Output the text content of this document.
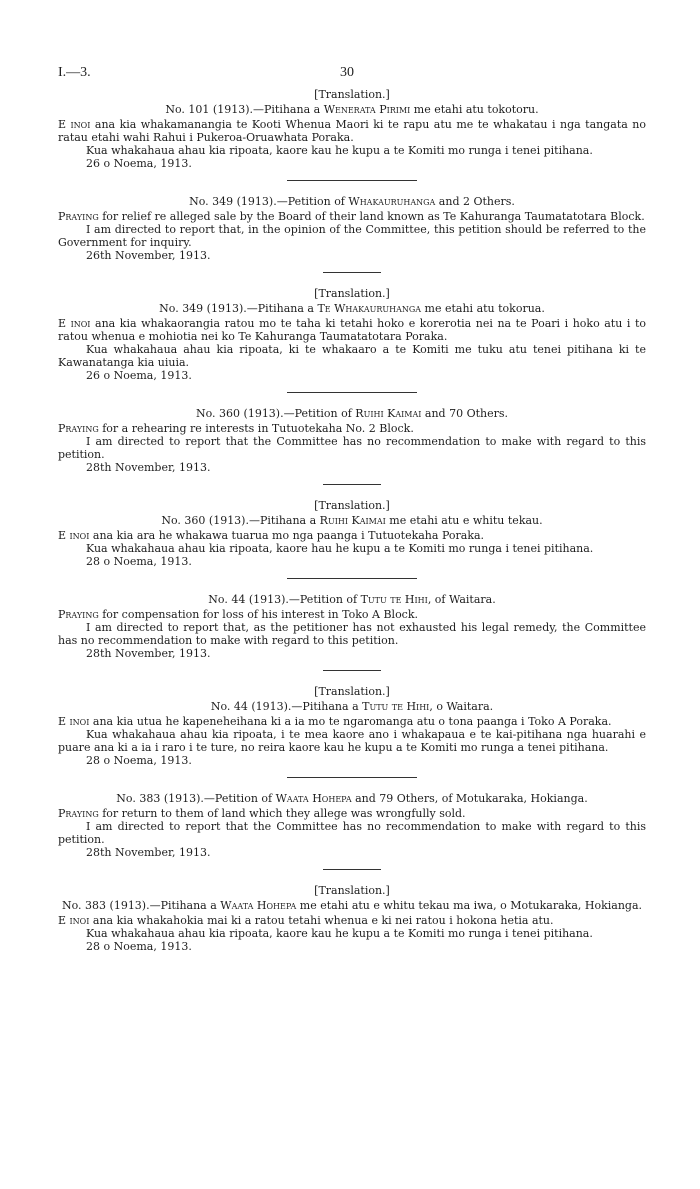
I.—3.	30

[Translation.]

No. 101 (1913).—Pitihana a Wenerata Pirimi me etahi atu tokotoru.

E inoi ana kia whakamanangia te Kooti Whenua Maori ki te rapu atu me te whakatau i nga tangata no ratau etahi wahi Rahui i Pukeroa-Oruawhata Poraka.

Kua whakahaua ahau kia ripoata, kaore kau he kupu a te Komiti mo runga i tenei pitihana.

26 o Noema, 1913.

No. 349 (1913).—Petition of Whakauruhanga and 2 Others.

Praying for relief re alleged sale by the Board of their land known as Te Kahuranga Taumatatotara Block.

I am directed to report that, in the opinion of the Committee, this petition should be referred to the Government for inquiry.

26th November, 1913.

[Translation.]

No. 349 (1913).—Pitihana a Te Whakauruhanga me etahi atu tokorua.

E inoi ana kia whakaorangia ratou mo te taha ki tetahi hoko e korerotia nei na te Poari i hoko atu i to ratou whenua e mohiotia nei ko Te Kahuranga Taumatatotara Poraka.

Kua whakahaua ahau kia ripoata, ki te whakaaro a te Komiti me tuku atu tenei pitihana ki te Kawanatanga kia uiuia.

26 o Noema, 1913.

No. 360 (1913).—Petition of Ruihi Kaimai and 70 Others.

Praying for a rehearing re interests in Tutuotekaha No. 2 Block.

I am directed to report that the Committee has no recommendation to make with regard to this petition.

28th November, 1913.

[Translation.]

No. 360 (1913).—Pitihana a Ruihi Kaimai me etahi atu e whitu tekau.

E inoi ana kia ara he whakawa tuarua mo nga paanga i Tutuotekaha Poraka.

Kua whakahaua ahau kia ripoata, kaore hau he kupu a te Komiti mo runga i tenei pitihana.

28 o Noema, 1913.

No. 44 (1913).—Petition of Tutu te Hihi, of Waitara.

Praying for compensation for loss of his interest in Toko A Block.

I am directed to report that, as the petitioner has not exhausted his legal remedy, the Committee has no recommendation to make with regard to this petition.

28th November, 1913.

[Translation.]

No. 44 (1913).—Pitihana a Tutu te Hihi, o Waitara.

E inoi ana kia utua he kapeneheihana ki a ia mo te ngaromanga atu o tona paanga i Toko A Poraka.

Kua whakahaua ahau kia ripoata, i te mea kaore ano i whakapaua e te kai-pitihana nga huarahi e puare ana ki a ia i raro i te ture, no reira kaore kau he kupu a te Komiti mo runga a tenei pitihana.

28 o Noema, 1913.

No. 383 (1913).—Petition of Waata Hohepa and 79 Others, of Motukaraka, Hokianga.

Praying for return to them of land which they allege was wrongfully sold.

I am directed to report that the Committee has no recommendation to make with regard to this petition.

28th November, 1913.

[Translation.]

No. 383 (1913).—Pitihana a Waata Hohepa me etahi atu e whitu tekau ma iwa, o Motukaraka, Hokianga.

E inoi ana kia whakahokia mai ki a ratou tetahi whenua e ki nei ratou i hokona hetia atu.

Kua whakahaua ahau kia ripoata, kaore kau he kupu a te Komiti mo runga i tenei pitihana.

28 o Noema, 1913.
